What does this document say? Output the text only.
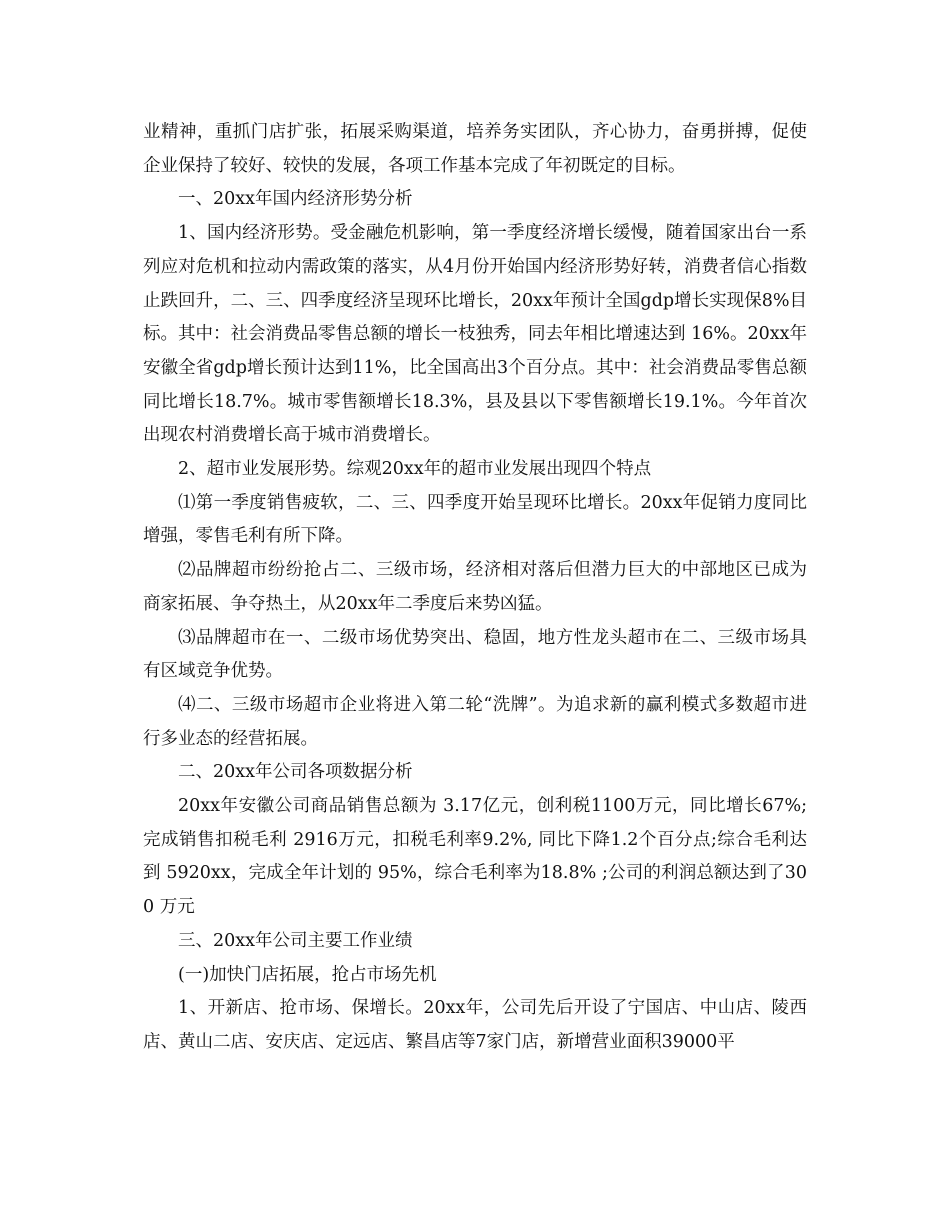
业精神，重抓门店扩张，拓展采购渠道，培养务实团队，齐心协力，奋勇拼搏，促使企业保持了较好、较快的发展，各项工作基本完成了年初既定的目标。

一、20xx年国内经济形势分析

1、国内经济形势。受金融危机影响，第一季度经济增长缓慢，随着国家出台一系列应对危机和拉动内需政策的落实，从4月份开始国内经济形势好转，消费者信心指数止跌回升，二、三、四季度经济呈现环比增长，20xx年预计全国gdp增长实现保8%目标。其中：社会消费品零售总额的增长一枝独秀，同去年相比增速达到 16%。20xx年安徽全省gdp增长预计达到11%，比全国高出3个百分点。其中：社会消费品零售总额同比增长18.7%。城市零售额增长18.3%，县及县以下零售额增长19.1%。今年首次出现农村消费增长高于城市消费增长。

2、超市业发展形势。综观20xx年的超市业发展出现四个特点

⑴第一季度销售疲软，二、三、四季度开始呈现环比增长。20xx年促销力度同比增强，零售毛利有所下降。

⑵品牌超市纷纷抢占二、三级市场，经济相对落后但潜力巨大的中部地区已成为商家拓展、争夺热土，从20xx年二季度后来势凶猛。

⑶品牌超市在一、二级市场优势突出、稳固，地方性龙头超市在二、三级市场具有区域竞争优势。

⑷二、三级市场超市企业将进入第二轮“洗牌”。为追求新的赢利模式多数超市进行多业态的经营拓展。

二、20xx年公司各项数据分析

20xx年安徽公司商品销售总额为 3.17亿元，创利税1100万元，同比增长67%;完成销售扣税毛利 2916万元，扣税毛利率9.2%, 同比下降1.2个百分点;综合毛利达到 5920xx，完成全年计划的 95%，综合毛利率为18.8% ;公司的利润总额达到了300 万元

三、20xx年公司主要工作业绩

(一)加快门店拓展，抢占市场先机

1、开新店、抢市场、保增长。20xx年，公司先后开设了宁国店、中山店、陵西店、黄山二店、安庆店、定远店、繁昌店等7家门店，新增营业面积39000平
